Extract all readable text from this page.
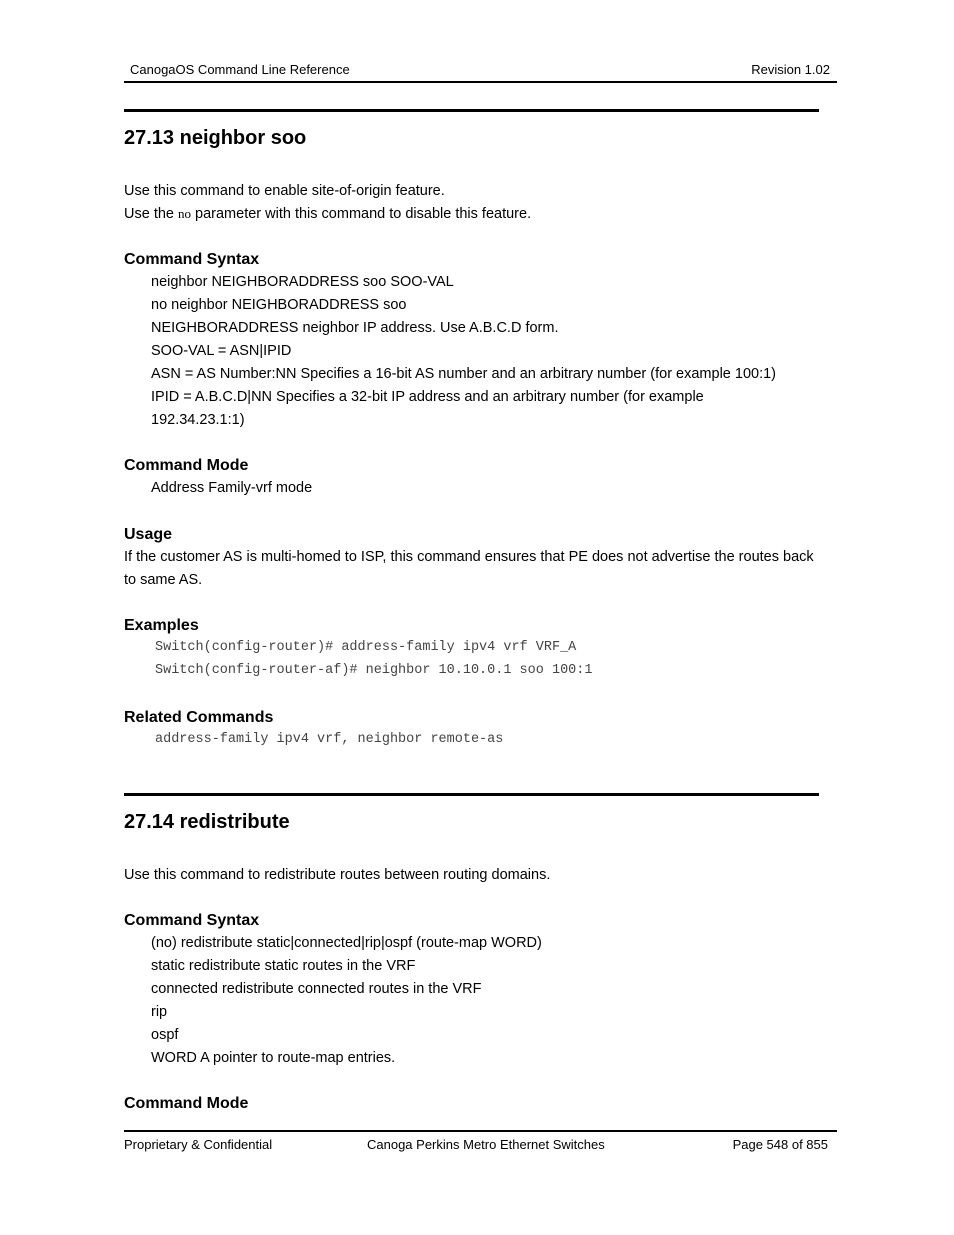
CanogaOS Command Line Reference	Revision 1.02
27.13 neighbor soo
Use this command to enable site-of-origin feature.
Use the no parameter with this command to disable this feature.
Command Syntax
neighbor NEIGHBORADDRESS soo SOO-VAL
no neighbor NEIGHBORADDRESS soo
NEIGHBORADDRESS neighbor IP address. Use A.B.C.D form.
SOO-VAL = ASN|IPID
ASN = AS Number:NN Specifies a 16-bit AS number and an arbitrary number (for example 100:1)
IPID = A.B.C.D|NN Specifies a 32-bit IP address and an arbitrary number (for example
192.34.23.1:1)
Command Mode
Address Family-vrf mode
Usage
If the customer AS is multi-homed to ISP, this command ensures that PE does not advertise the routes back
to same AS.
Examples
Switch(config-router)# address-family ipv4 vrf VRF_A
Switch(config-router-af)# neighbor 10.10.0.1 soo 100:1
Related Commands
address-family ipv4 vrf, neighbor remote-as
27.14 redistribute
Use this command to redistribute routes between routing domains.
Command Syntax
(no) redistribute static|connected|rip|ospf (route-map WORD)
static redistribute static routes in the VRF
connected redistribute connected routes in the VRF
rip
ospf
WORD A pointer to route-map entries.
Command Mode
Proprietary & Confidential	Canoga Perkins Metro Ethernet Switches	Page 548 of 855
